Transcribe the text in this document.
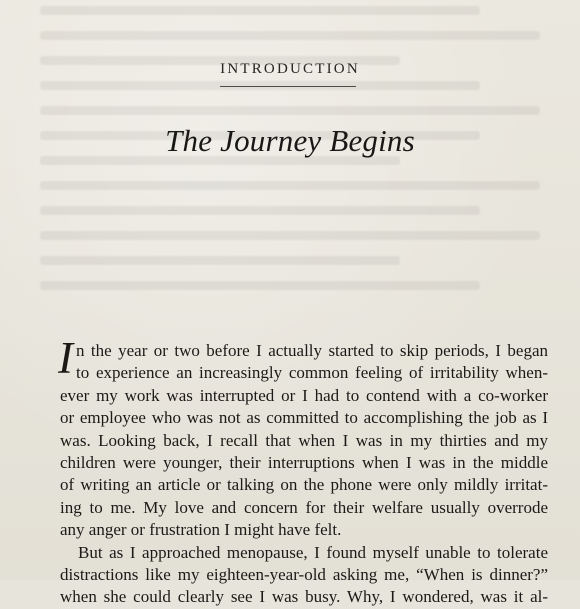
INTRODUCTION
The Journey Begins
I n the year or two before I actually started to skip periods, I began
to experience an increasingly common feeling of irritability when-
ever my work was interrupted or I had to contend with a co-worker
or employee who was not as committed to accomplishing the job as I
was. Looking back, I recall that when I was in my thirties and my
children were younger, their interruptions when I was in the middle
of writing an article or talking on the phone were only mildly irritat-
ing to me. My love and concern for their welfare usually overrode
any anger or frustration I might have felt.
But as I approached menopause, I found myself unable to tolerate
distractions like my eighteen-year-old asking me, “When is dinner?”
when she could clearly see I was busy. Why, I wondered, was it al-
